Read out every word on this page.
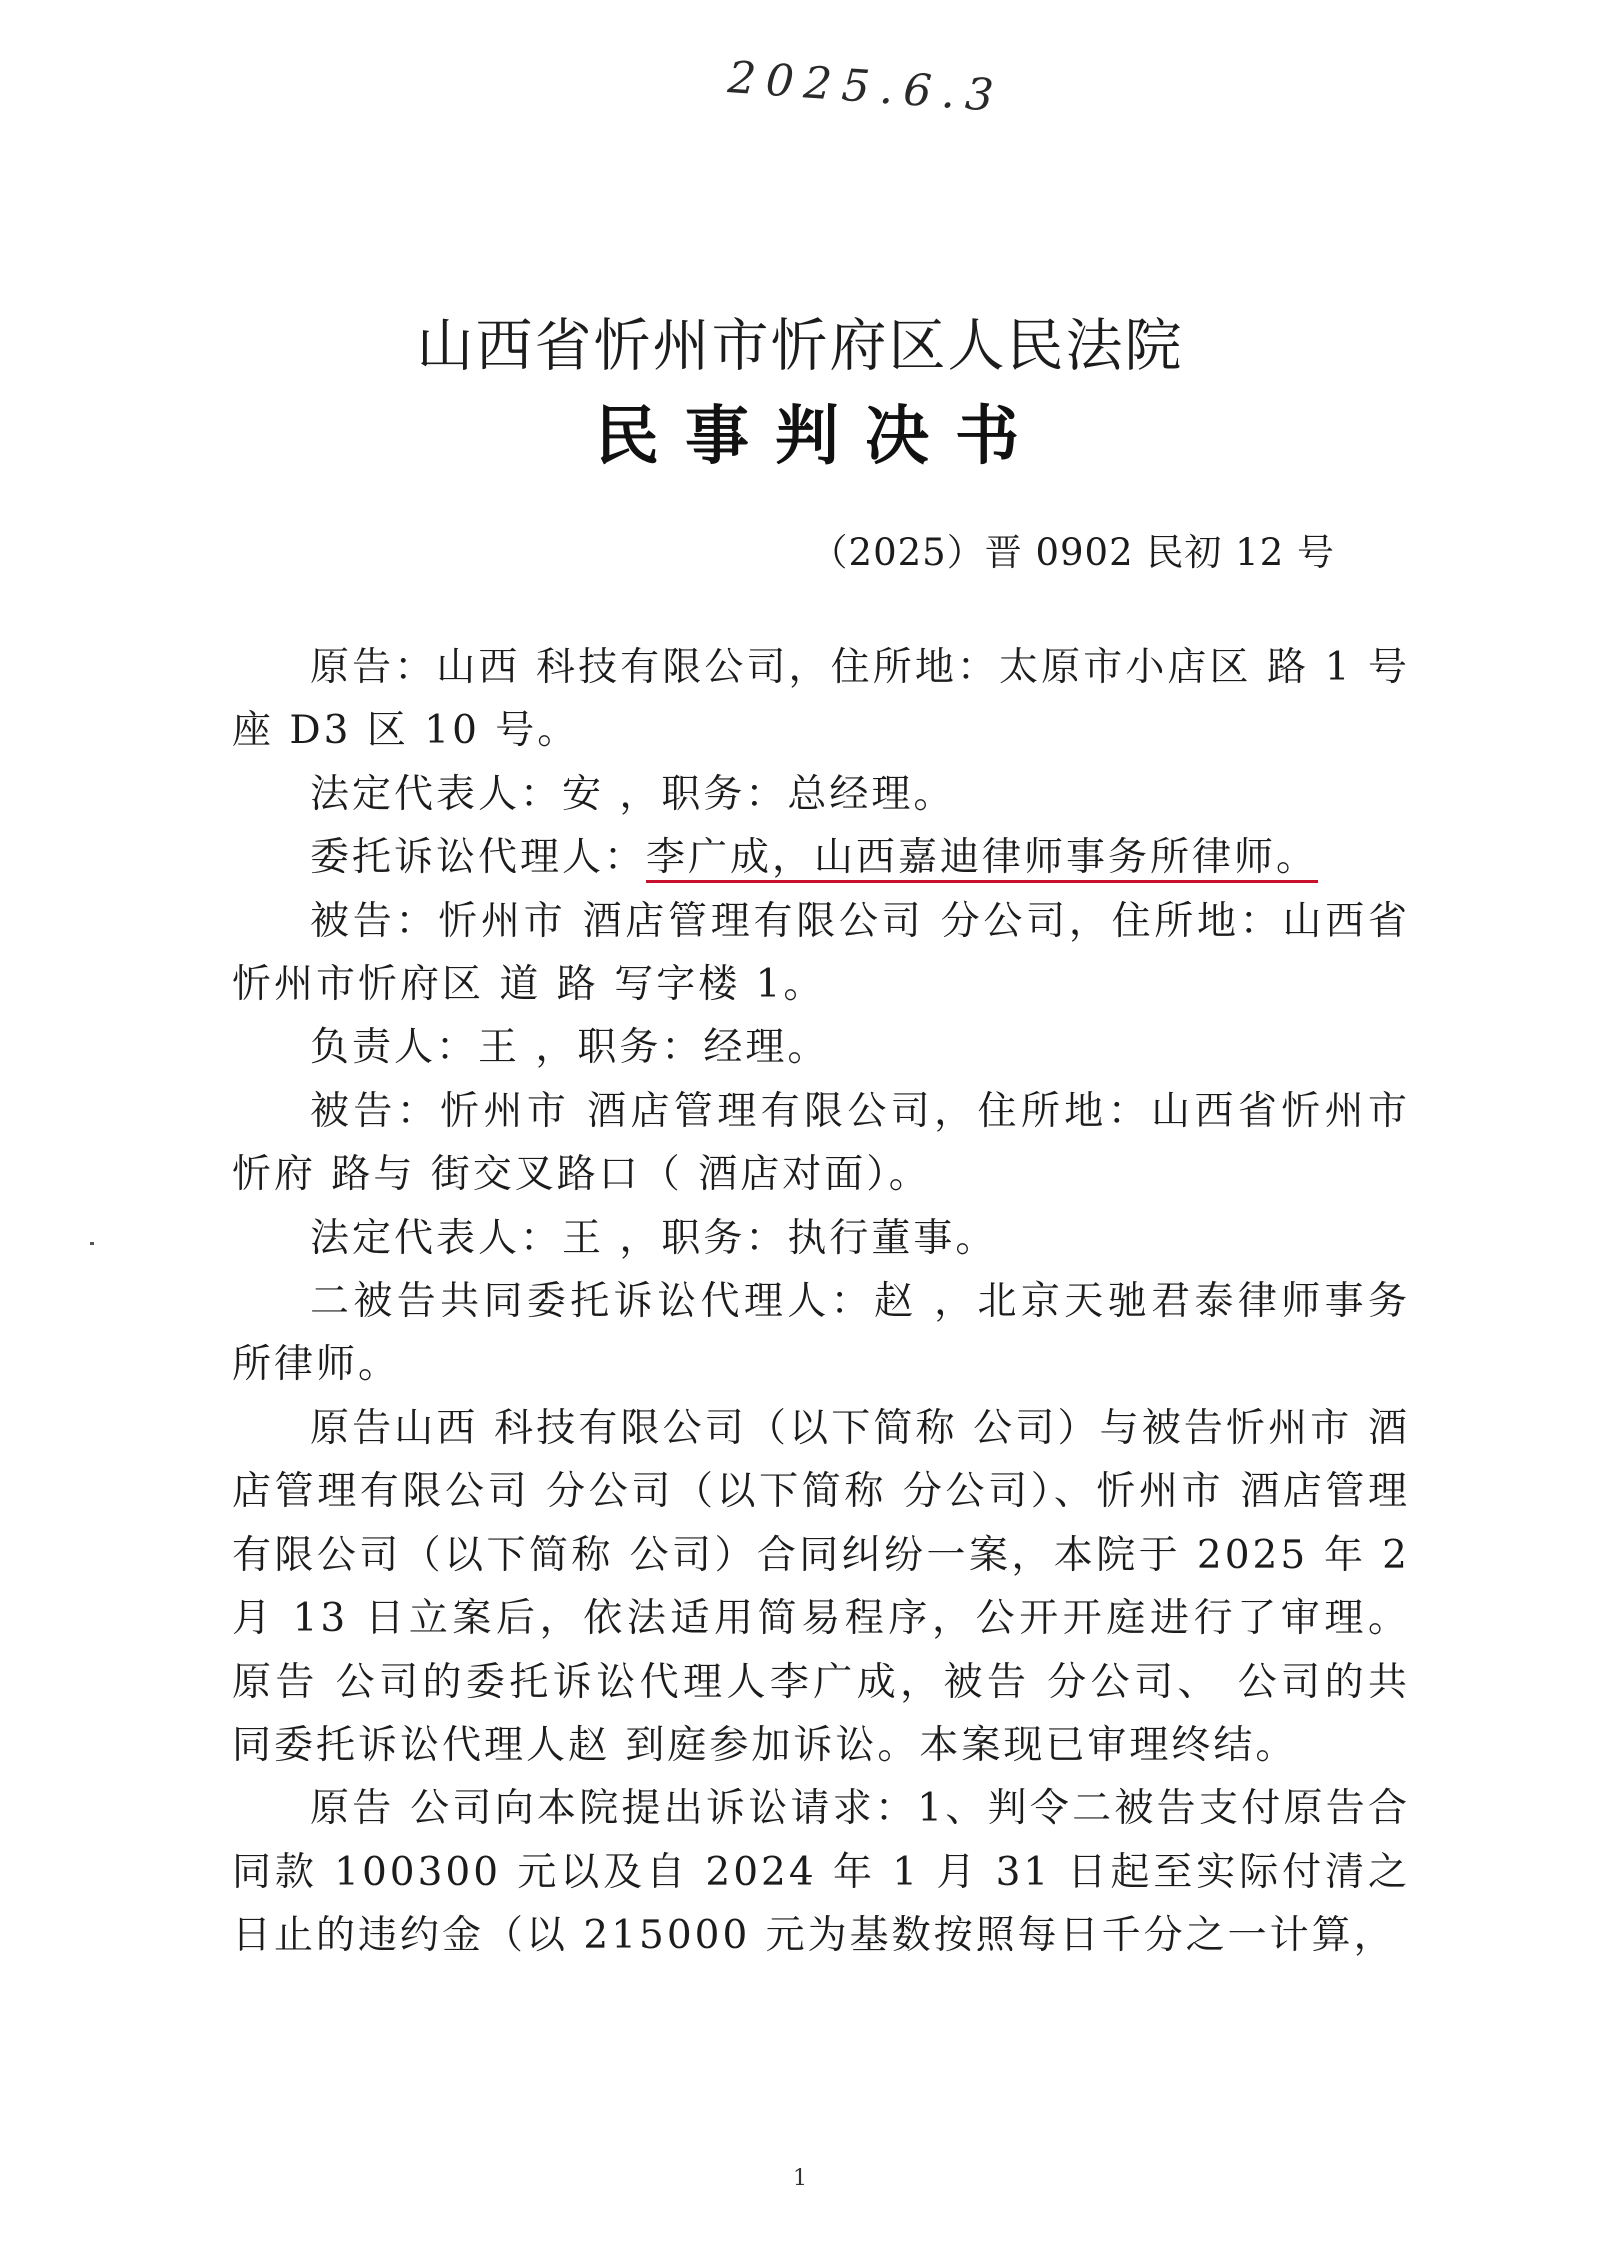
2025.6.3
山西省忻州市忻府区人民法院
民事判决书
（2025）晋 0902 民初 12 号

原告：山西 科技有限公司，住所地：太原市小店区 路 1 号 座 D3 区 10 号。

法定代表人：安 ，职务：总经理。

委托诉讼代理人：李广成，山西嘉迪律师事务所律师。

被告：忻州市 酒店管理有限公司 分公司，住所地：山西省忻州市忻府区 道 路 写字楼 1。

负责人：王 ，职务：经理。

被告：忻州市 酒店管理有限公司，住所地：山西省忻州市忻府 路与 街交叉路口（ 酒店对面）。

法定代表人：王 ，职务：执行董事。

二被告共同委托诉讼代理人：赵 ，北京天驰君泰律师事务所律师。

原告山西 科技有限公司（以下简称 公司）与被告忻州市 酒店管理有限公司 分公司（以下简称 分公司）、忻州市 酒店管理有限公司（以下简称 公司）合同纠纷一案，本院于 2025 年 2 月 13 日立案后，依法适用简易程序，公开开庭进行了审理。原告 公司的委托诉讼代理人李广成，被告 分公司、 公司的共同委托诉讼代理人赵 到庭参加诉讼。本案现已审理终结。

原告 公司向本院提出诉讼请求：1、判令二被告支付原告合同款 100300 元以及自 2024 年 1 月 31 日起至实际付清之日止的违约金（以 215000 元为基数按照每日千分之一计算，

1
